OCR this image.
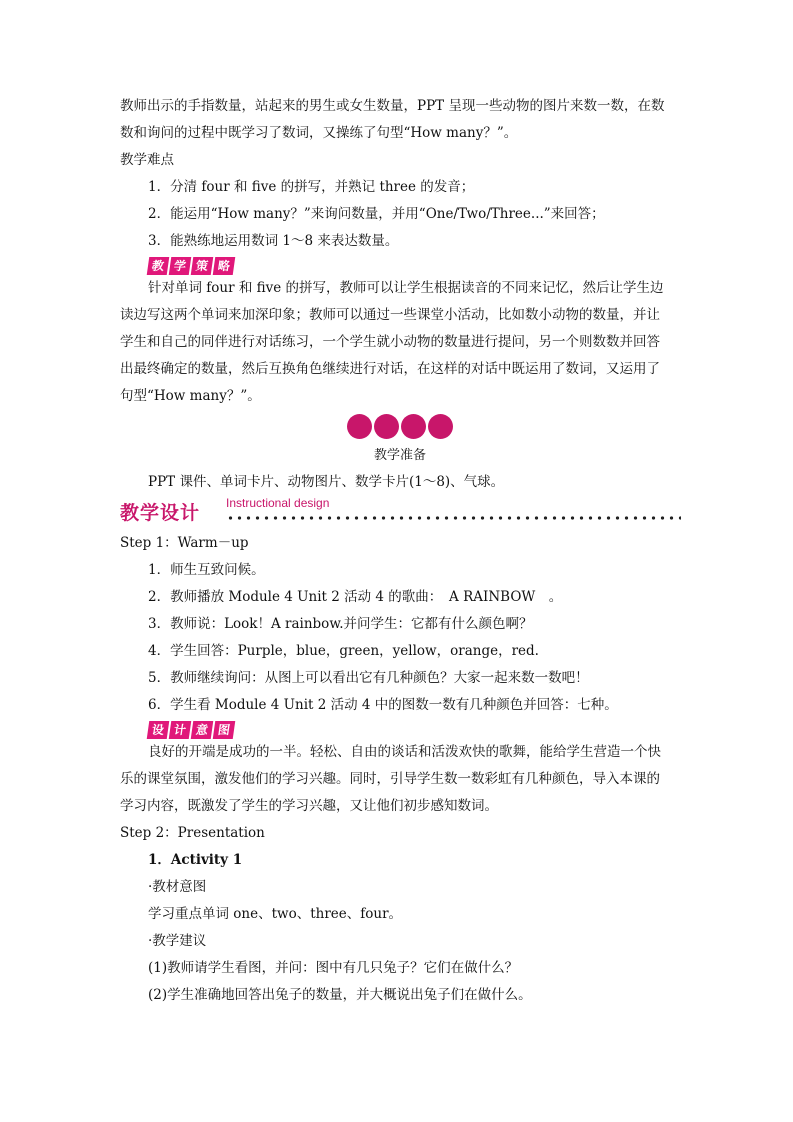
教师出示的手指数量，站起来的男生或女生数量，PPT 呈现一些动物的图片来数一数，在数
数和询问的过程中既学习了数词，又操练了句型“How many？”。
教学难点
1．分清 four 和 five 的拼写，并熟记 three 的发音；
2．能运用“How many？”来询问数量，并用“One/Two/Three...”来回答；
3．能熟练地运用数词 1～8 来表达数量。
教 学 策 略
针对单词 four 和 five 的拼写，教师可以让学生根据读音的不同来记忆，然后让学生边
读边写这两个单词来加深印象；教师可以通过一些课堂小活动，比如数小动物的数量，并让
学生和自己的同伴进行对话练习，一个学生就小动物的数量进行提问，另一个则数数并回答
出最终确定的数量，然后互换角色继续进行对话，在这样的对话中既运用了数词，又运用了
句型“How many？”。
教学准备
PPT 课件、单词卡片、动物图片、数学卡片(1～8)、气球。
教学设计 Instructional design
Step 1：Warm－up
1．师生互致问候。
2．教师播放 Module 4 Unit 2 活动 4 的歌曲：　A RAINBOW　。
3．教师说：Look！A rainbow.并问学生：它都有什么颜色啊？
4．学生回答：Purple，blue，green，yellow，orange，red.
5．教师继续询问：从图上可以看出它有几种颜色？大家一起来数一数吧！
6．学生看 Module 4 Unit 2 活动 4 中的图数一数有几种颜色并回答：七种。
设 计 意 图
良好的开端是成功的一半。轻松、自由的谈话和活泼欢快的歌舞，能给学生营造一个快
乐的课堂氛围，激发他们的学习兴趣。同时，引导学生数一数彩虹有几种颜色，导入本课的
学习内容，既激发了学生的学习兴趣，又让他们初步感知数词。
Step 2：Presentation
1．Activity 1
·教材意图
学习重点单词 one、two、three、four。
·教学建议
(1)教师请学生看图，并问：图中有几只兔子？它们在做什么？
(2)学生准确地回答出兔子的数量，并大概说出兔子们在做什么。
